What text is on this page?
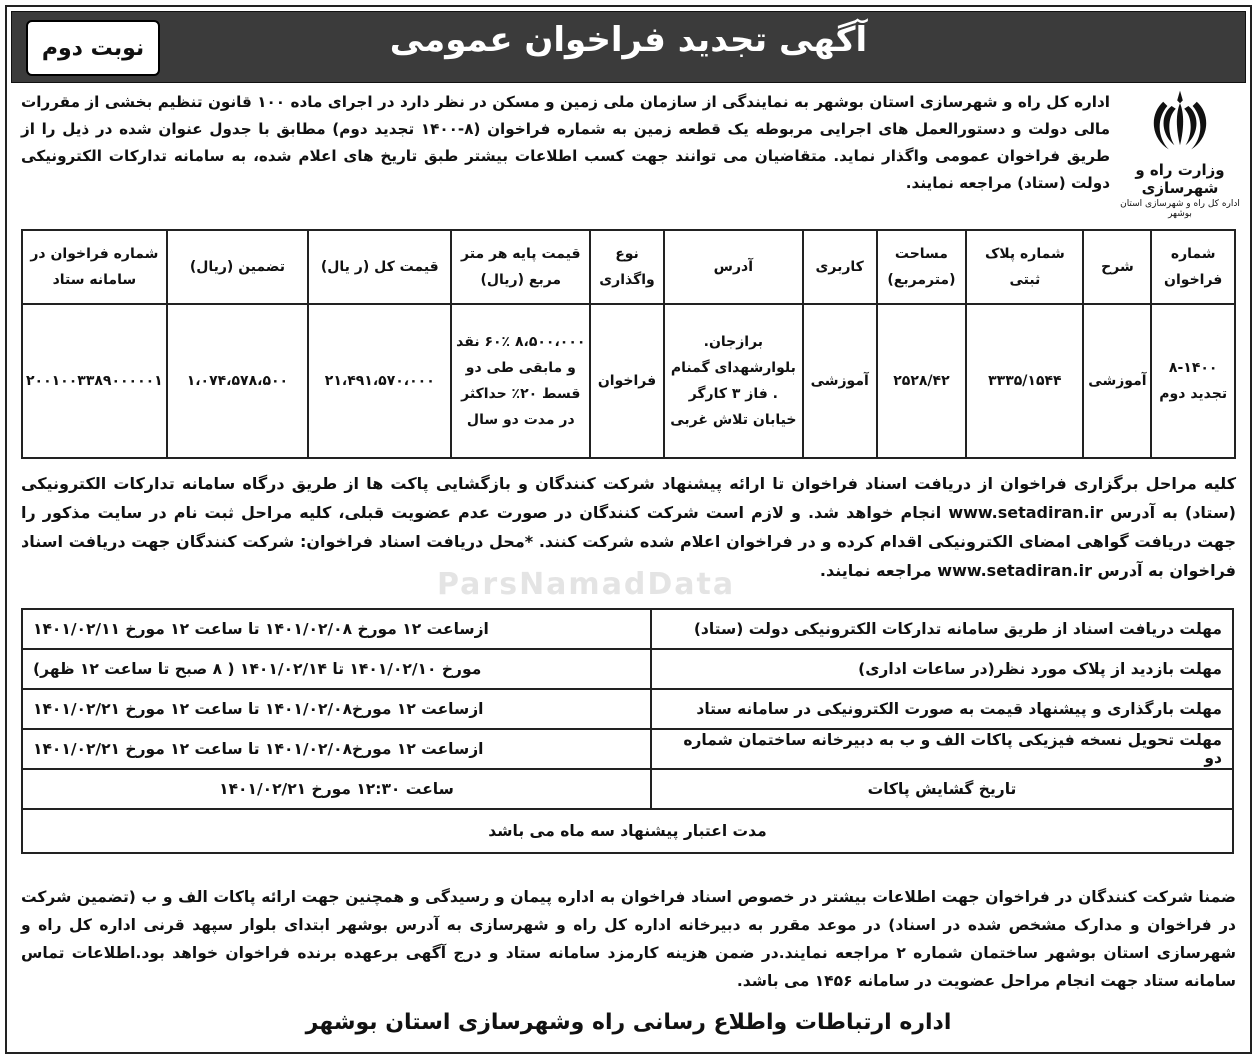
آگهی تجدید فراخوان عمومی
نوبت دوم
وزارت راه و شهرسازی
اداره کل راه و شهرسازی استان بوشهر
اداره کل راه و شهرسازی استان بوشهر به نمایندگی از سازمان ملی زمین و مسکن در نظر دارد در اجرای ماده ۱۰۰ قانون تنظیم بخشی از مقررات مالی دولت و دستورالعمل های اجرایی مربوطه یک قطعه زمین به شماره فراخوان (۸-۱۴۰۰ تجدید دوم) مطابق با جدول عنوان شده در ذیل را از طریق فراخوان عمومی واگذار نماید. متقاضیان می توانند جهت کسب اطلاعات بیشتر طبق تاریخ های اعلام شده، به سامانه تدارکات الکترونیکی دولت (ستاد) مراجعه نمایند.
شماره فراخوان	شرح	شماره پلاک ثبتی	مساحت (مترمربع)	کاربری	آدرس	نوع واگذاری	قیمت پایه هر متر مربع (ریال)	قیمت کل (ر یال)	تضمین (ریال)	شماره فراخوان در سامانه ستاد
۸-۱۴۰۰ تجدید دوم	آموزشی	۳۳۳۵/۱۵۴۴	۲۵۲۸/۴۲	آموزشی	برازجان. بلوارشهدای گمنام . فاز ۳ کارگر خیابان تلاش غربی	فراخوان	۸،۵۰۰،۰۰۰ ۶۰٪ نقد و مابقی طی دو قسط ۲۰٪ حداکثر در مدت دو سال	۲۱،۴۹۱،۵۷۰،۰۰۰	۱،۰۷۴،۵۷۸،۵۰۰	۲۰۰۱۰۰۳۳۸۹۰۰۰۰۰۱
کلیه مراحل برگزاری فراخوان از دریافت اسناد فراخوان تا ارائه پیشنهاد شرکت کنندگان و بازگشایی پاکت ها از طریق درگاه سامانه تدارکات الکترونیکی (ستاد) به آدرس www.setadiran.ir انجام خواهد شد. و لازم است شرکت کنندگان در صورت عدم عضویت قبلی، کلیه مراحل ثبت نام در سایت مذکور را جهت دریافت گواهی امضای الکترونیکی اقدام کرده و در فراخوان اعلام شده شرکت کنند. *محل دریافت اسناد فراخوان: شرکت کنندگان جهت دریافت اسناد فراخوان به آدرس www.setadiran.ir مراجعه نمایند.
ParsNamadData
مهلت دریافت اسناد از طریق سامانه تدارکات الکترونیکی دولت (ستاد)	ازساعت ۱۲ مورخ ۱۴۰۱/۰۲/۰۸ تا ساعت ۱۲ مورخ ۱۴۰۱/۰۲/۱۱
مهلت بازدید از پلاک مورد نظر(در ساعات اداری)	مورخ ۱۴۰۱/۰۲/۱۰ تا ۱۴۰۱/۰۲/۱۴ ( ۸ صبح تا ساعت ۱۲ ظهر)
مهلت بارگذاری و پیشنهاد قیمت به صورت الکترونیکی در سامانه ستاد	ازساعت ۱۲ مورخ۱۴۰۱/۰۲/۰۸ تا ساعت ۱۲ مورخ ۱۴۰۱/۰۲/۲۱
مهلت تحویل نسخه فیزیکی پاکات الف و ب به دبیرخانه ساختمان شماره دو	ازساعت ۱۲ مورخ۱۴۰۱/۰۲/۰۸ تا ساعت ۱۲ مورخ ۱۴۰۱/۰۲/۲۱
تاریخ گشایش پاکات	ساعت ۱۲:۳۰ مورخ ۱۴۰۱/۰۲/۲۱
مدت اعتبار پیشنهاد سه ماه می باشد	
ضمنا شرکت کنندگان در فراخوان جهت اطلاعات بیشتر در خصوص اسناد فراخوان به اداره پیمان و رسیدگی و همچنین جهت ارائه پاکات الف و ب (تضمین شرکت در فراخوان و مدارک مشخص شده در اسناد) در موعد مقرر به دبیرخانه اداره کل راه و شهرسازی به آدرس بوشهر ابتدای بلوار سپهد قرنی اداره کل راه و شهرسازی استان بوشهر ساختمان شماره ۲ مراجعه نمایند.در ضمن هزینه کارمزد سامانه ستاد و درج آگهی برعهده برنده فراخوان خواهد بود.اطلاعات تماس سامانه ستاد جهت انجام مراحل عضویت در سامانه ۱۴۵۶ می باشد.
اداره ارتباطات واطلاع رسانی راه وشهرسازی استان بوشهر
